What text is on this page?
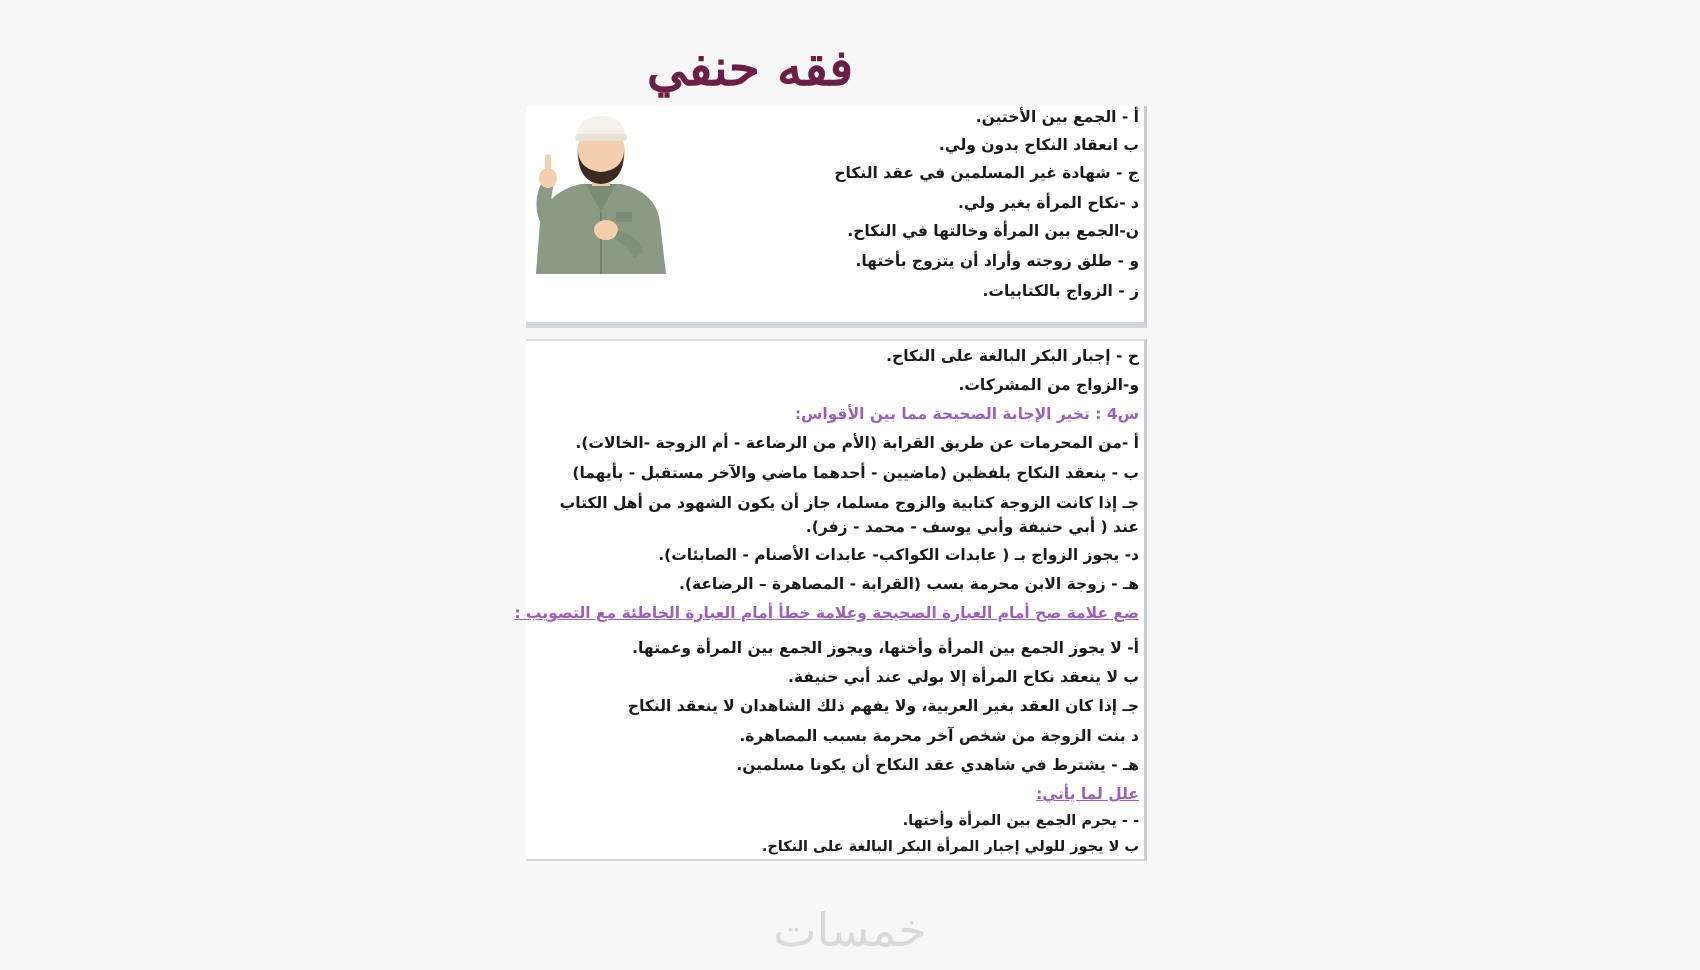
فقه حنفي
أ - الجمع بين الأختين.
ب انعقاد النكاح بدون ولي.
ج - شهادة غير المسلمين في عقد النكاح
د -نكاح المرأة بغير ولي.
ن-الجمع بين المرأة وخالتها في النكاح.
و - طلق زوجته وأراد أن يتزوج بأختها.
ز - الزواج بالكتابيات.
ح - إجبار البكر البالغة على النكاح.
و-الزواج من المشركات.
س4 : تخير الإجابة الصحيحة مما بين الأقواس:
أ -من المحرمات عن طريق القرابة (الأم من الرضاعة - أم الزوجة -الخالات).
ب - ينعقد النكاح بلفظين (ماضيين - أحدهما ماضي والآخر مستقبل - بأيهما)
جـ إذا كانت الزوجة كتابية والزوج مسلما، جاز أن يكون الشهود من أهل الكتاب عند ( أبي حنيفة وأبي يوسف - محمد - زفر).
د- يجوز الزواج بـ ( عابدات الكواكب- عابدات الأصنام - الصابئات).
هـ - زوجة الابن محرمة بسب (القرابة - المصاهرة – الرضاعة).
ضع علامة صح أمام العبارة الصحيحة وعلامة خطأ أمام العبارة الخاطئة مع التصويب :
أ- لا يجوز الجمع بين المرأة وأختها، ويجوز الجمع بين المرأة وعمتها.
ب لا ينعقد نكاح المرأة إلا بولي عند أبي حنيفة.
جـ إذا كان العقد بغير العربية، ولا يفهم ذلك الشاهدان لا ينعقد النكاح
د بنت الزوجة من شخص آخر محرمة بسبب المصاهرة.
هـ - يشترط في شاهدي عقد النكاح أن يكونا مسلمين.
علل لما يأتي:
- - يحرم الجمع بين المرأة وأختها.
ب لا يجوز للولي إجبار المرأة البكر البالغة على النكاح.
خمسات
